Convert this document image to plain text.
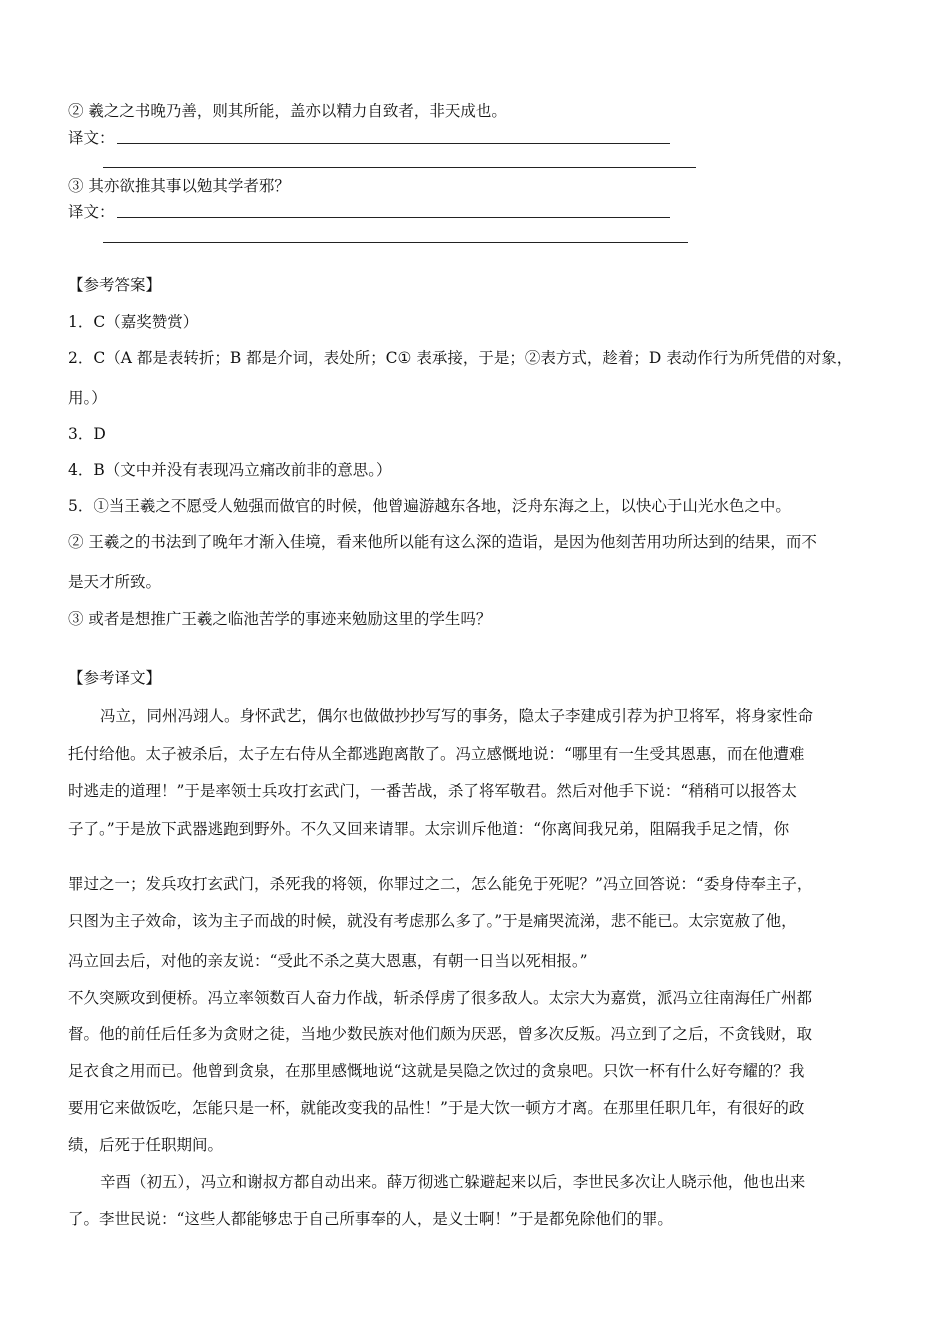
② 羲之之书晚乃善，则其所能，盖亦以精力自致者，非天成也。
译文：
③ 其亦欲推其事以勉其学者邪？
译文：
【参考答案】
1．C（嘉奖赞赏）
2．C（A 都是表转折；B 都是介词，表处所；C① 表承接，于是；②表方式，趁着；D 表动作行为所凭借的对象，
用。）
3．D
4．B（文中并没有表现冯立痛改前非的意思。）
5．①当王羲之不愿受人勉强而做官的时候，他曾遍游越东各地，泛舟东海之上，以快心于山光水色之中。
② 王羲之的书法到了晚年才渐入佳境，看来他所以能有这么深的造诣，是因为他刻苦用功所达到的结果，而不
是天才所致。
③ 或者是想推广王羲之临池苦学的事迹来勉励这里的学生吗？
【参考译文】
冯立，同州冯翊人。身怀武艺，偶尔也做做抄抄写写的事务，隐太子李建成引荐为护卫将军，将身家性命
托付给他。太子被杀后，太子左右侍从全都逃跑离散了。冯立感慨地说：“哪里有一生受其恩惠，而在他遭难
时逃走的道理！”于是率领士兵攻打玄武门，一番苦战，杀了将军敬君。然后对他手下说：“稍稍可以报答太
子了。”于是放下武器逃跑到野外。不久又回来请罪。太宗训斥他道：“你离间我兄弟，阻隔我手足之情，你
罪过之一；发兵攻打玄武门，杀死我的将领，你罪过之二，怎么能免于死呢？”冯立回答说：“委身侍奉主子，
只图为主子效命，该为主子而战的时候，就没有考虑那么多了。”于是痛哭流涕，悲不能已。太宗宽赦了他，
冯立回去后，对他的亲友说：“受此不杀之莫大恩惠，有朝一日当以死相报。”
不久突厥攻到便桥。冯立率领数百人奋力作战，斩杀俘虏了很多敌人。太宗大为嘉赏，派冯立往南海任广州都
督。他的前任后任多为贪财之徒，当地少数民族对他们颇为厌恶，曾多次反叛。冯立到了之后，不贪钱财，取
足衣食之用而已。他曾到贪泉，在那里感慨地说“这就是吴隐之饮过的贪泉吧。只饮一杯有什么好夸耀的？我
要用它来做饭吃，怎能只是一杯，就能改变我的品性！”于是大饮一顿方才离。在那里任职几年，有很好的政
绩，后死于任职期间。
辛酉（初五），冯立和谢叔方都自动出来。薛万彻逃亡躲避起来以后，李世民多次让人晓示他，他也出来
了。李世民说：“这些人都能够忠于自己所事奉的人，是义士啊！”于是都免除他们的罪。
